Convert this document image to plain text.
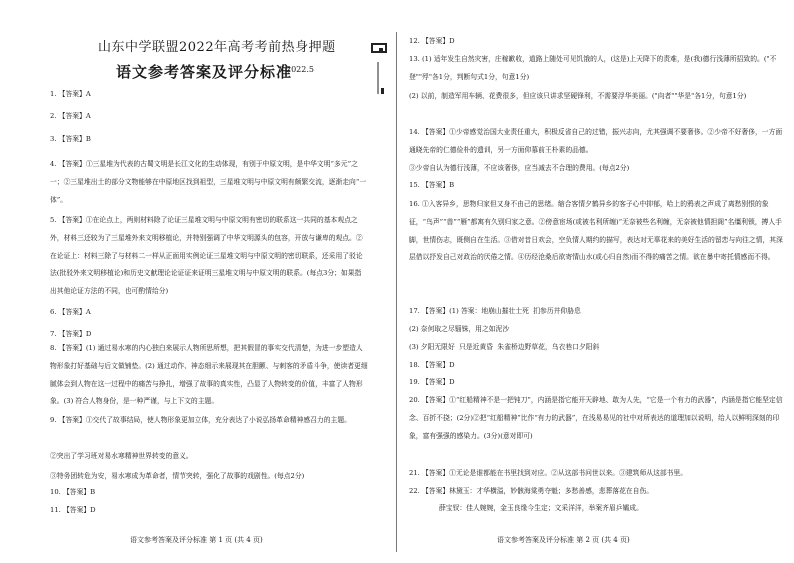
山东中学联盟2022年高考考前热身押题
语文参考答案及评分标准
2022.5
1. 【答案】A
2. 【答案】A
3. 【答案】B
4. 【答案】①三星堆为代表的古蜀文明是长江文化的生动体现，有别于中原文明，是中华文明“多元”之一；②三星堆出土的部分文物能够在中原地区找到祖型，三星堆文明与中原文明有颇繁交流，逐渐走向“一体”。
5. 【答案】①在论点上，两则材料除了论证三星堆文明与中原文明有密切的联系这一共同的基本观点之外，材料三还较为了三星堆外来文明移植论，并特别强调了中华文明源头的包容，开放与谦卑的观点。②在论证上：材料三除了与材料二一样从正面用实例论证三星堆文明与中原文明的密切联系，还采用了驳论法(批驳外来文明移植论)和历史文献理论论证证来证明三星堆文明与中原文明的联系。(每点3分；如果指出其他论证方法的不同，也可酌情给分)
6. 【答案】A
7. 【答案】D
8. 【答案】(1) 通过易水寒的内心独白来展示人物所思所想，把其假冒的事实交代清楚，为进一步塑造人物形象打好基础与后文做铺垫。(2) 通过动作、神态细示来展现其在胆颤、与刺客的矛盾斗争，使读者更细腻体会到人物在这一过程中的痛苦与挣扎，增强了故事的真实性，凸显了人物转变的价值，丰富了人物形象。(3) 符合人物身份，是一种严谨，与上下文的主题。
9. 【答案】①交代了故事结局，使人物形象更加立体，充分表达了小说弘扬革命精神感召力的主题。
②突出了学习班对易水寒精神世界转变的意义。
③特务团转危为安，易水寒成为革命者，情节突转，强化了故事的戏剧性。(每点2分)
10. 【答案】B
11. 【答案】D
语文参考答案及评分标准 第 1 页 (共 4 页)
12. 【答案】D
13. (1) 适年发生自然灾害，庄稼歉收，道路上随处可见饥饿的人，(这是)上天降下的责难，是(我)德行浅薄所招致的。("不登""殍"各1分，判断句式1分，句意1分)
(2) 以前，制造军用车辆、花费很多，但应该只讲求坚硬锋利，不需要浮华美丽。("向者""华是"各1分，句意1分)
14. 【答案】①少帝感觉治国大业责任重大，积极反省自己的过错，振兴志向，尤其强调不要奢侈。②少帝不好奢侈，一方面通晓先帝的仁德俭朴的遗训，另一方面仰慕前王朴素的品德。
③少帝自认为德行浅薄，不应该奢侈，应当减去不合理的费用。(每点2分)
15. 【答案】B
16. ①入客异乡，思物归家但又身不由己的思绪。缩合客情夕鹤异乡的客子心中抑郁，哈上的鸦表之声成了离愁别恨的象征，“鸟声”“兽”“雁”都寓有久别归家之意。②傍意宦场(或被名利所缠)“无奈被些名利缠，无奈被他情担阁”名缰利锁，搏人手脚，世情伤志，既侧自在生活。③借对昔日欢会，空负情人期约的描写，表达对无辜花来的美好生活的留恋与向往之情，其深层借以抒发自己对政治的厌倦之情。④历经沧桑后欲寄情山水(或心归自然)而不得的痛苦之情。欲在暴中寄托情感而不得。
17. 【答案】(1) 答案：地崩山摧壮士死  扪参历井仰胁息
(2) 奈何取之尽锱铢，用之如泥沙
(3) 夕阳无限好  只是近黄昏  朱雀桥边野草花，乌衣巷口夕阳斜
18. 【答案】D
19. 【答案】D
20. 【答案】①“红船精神不是一把钝刀”，内涵是指它能开天辟地、敢为人先，“它是一个有力的武器”，内涵是指它能坚定信念、百折不挠；(2分)②把“红船精神”比作“有力的武器”，在浅易易见的社中对所表达的道理加以说明，给人以鲜明深刻的印象，富有强强的感染力。(3分)(意对即可)
21. 【答案】①无论是谁都能在书里找到对应。②从这部书问世以来。③建筑师从这部书里。
22. 【答案】林黛玉：才华横溢，妙骸海棠勇夺魁；多愁善感，悲葬落花在自伤。
薛宝钗：佳人婉婉，金玉良缘今生定；文采洋洋，举案齐眉乒孀成。
语文参考答案及评分标准 第 2 页 (共 4 页)
